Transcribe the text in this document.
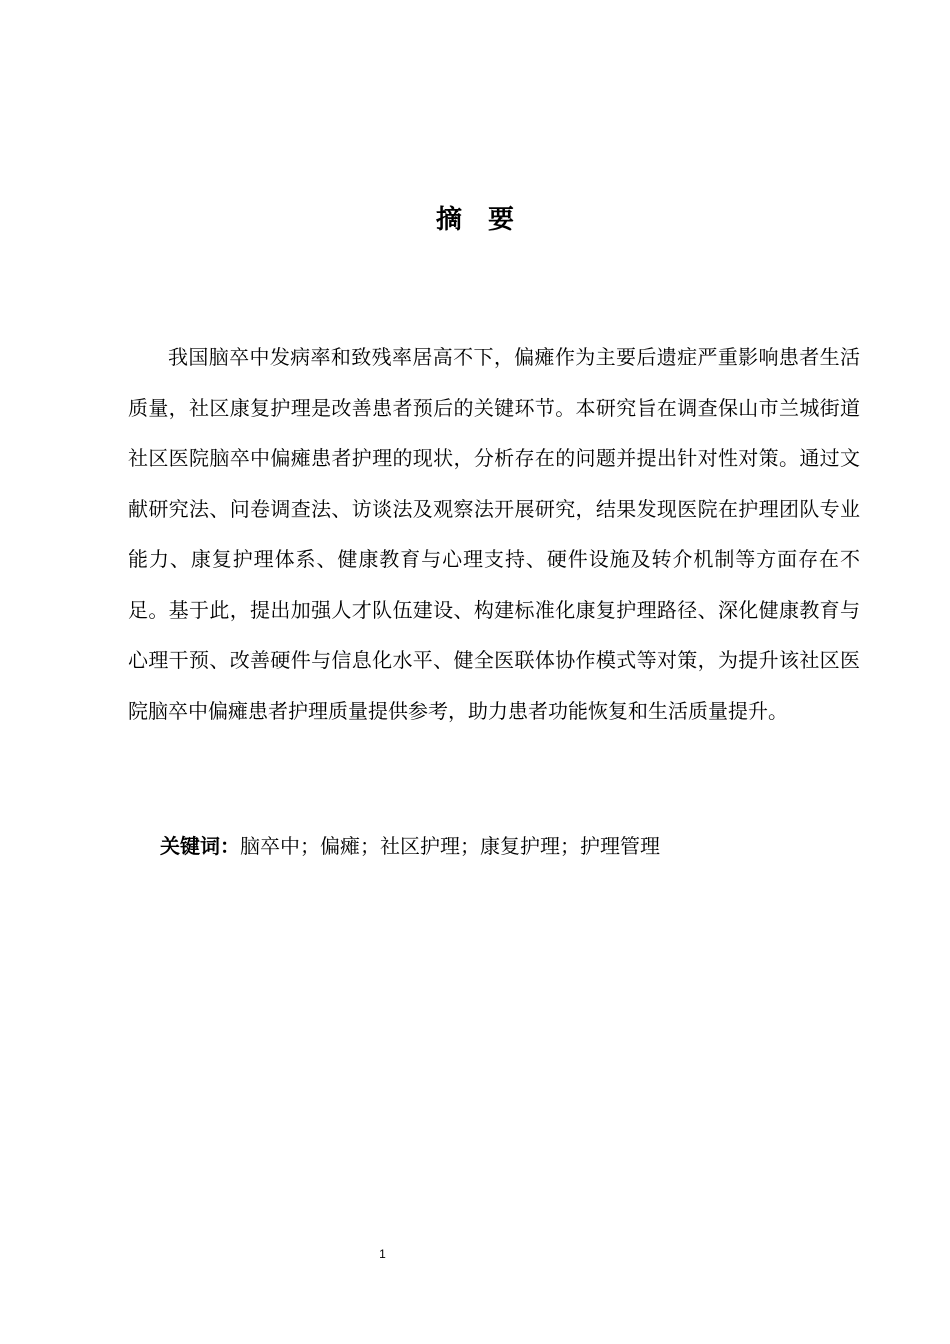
摘要

我国脑卒中发病率和致残率居高不下，偏瘫作为主要后遗症严重影响患者生活质量，社区康复护理是改善患者预后的关键环节。本研究旨在调查保山市兰城街道社区医院脑卒中偏瘫患者护理的现状，分析存在的问题并提出针对性对策。通过文献研究法、问卷调查法、访谈法及观察法开展研究，结果发现医院在护理团队专业能力、康复护理体系、健康教育与心理支持、硬件设施及转介机制等方面存在不足。基于此，提出加强人才队伍建设、构建标准化康复护理路径、深化健康教育与心理干预、改善硬件与信息化水平、健全医联体协作模式等对策，为提升该社区医院脑卒中偏瘫患者护理质量提供参考，助力患者功能恢复和生活质量提升。

关键词：脑卒中；偏瘫；社区护理；康复护理；护理管理

1
